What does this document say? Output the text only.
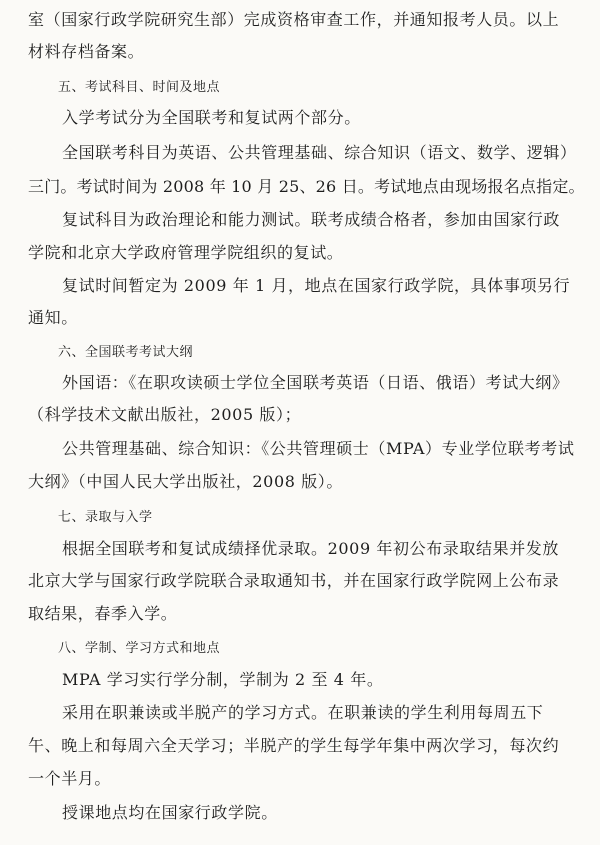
室（国家行政学院研究生部）完成资格审查工作，并通知报考人员。以上
材料存档备案。
五、考试科目、时间及地点
入学考试分为全国联考和复试两个部分。
全国联考科目为英语、公共管理基础、综合知识（语文、数学、逻辑）
三门。考试时间为 2008 年 10 月 25、26 日。考试地点由现场报名点指定。
复试科目为政治理论和能力测试。联考成绩合格者，参加由国家行政
学院和北京大学政府管理学院组织的复试。
复试时间暂定为 2009 年 1 月，地点在国家行政学院，具体事项另行
通知。
六、全国联考考试大纲
外国语：《在职攻读硕士学位全国联考英语（日语、俄语）考试大纲》
（科学技术文献出版社，2005 版）；
公共管理基础、综合知识：《公共管理硕士（MPA）专业学位联考考试
大纲》（中国人民大学出版社，2008 版）。
七、录取与入学
根据全国联考和复试成绩择优录取。2009 年初公布录取结果并发放
北京大学与国家行政学院联合录取通知书，并在国家行政学院网上公布录
取结果，春季入学。
八、学制、学习方式和地点
MPA 学习实行学分制，学制为 2 至 4 年。
采用在职兼读或半脱产的学习方式。在职兼读的学生利用每周五下
午、晚上和每周六全天学习；半脱产的学生每学年集中两次学习，每次约
一个半月。
授课地点均在国家行政学院。
